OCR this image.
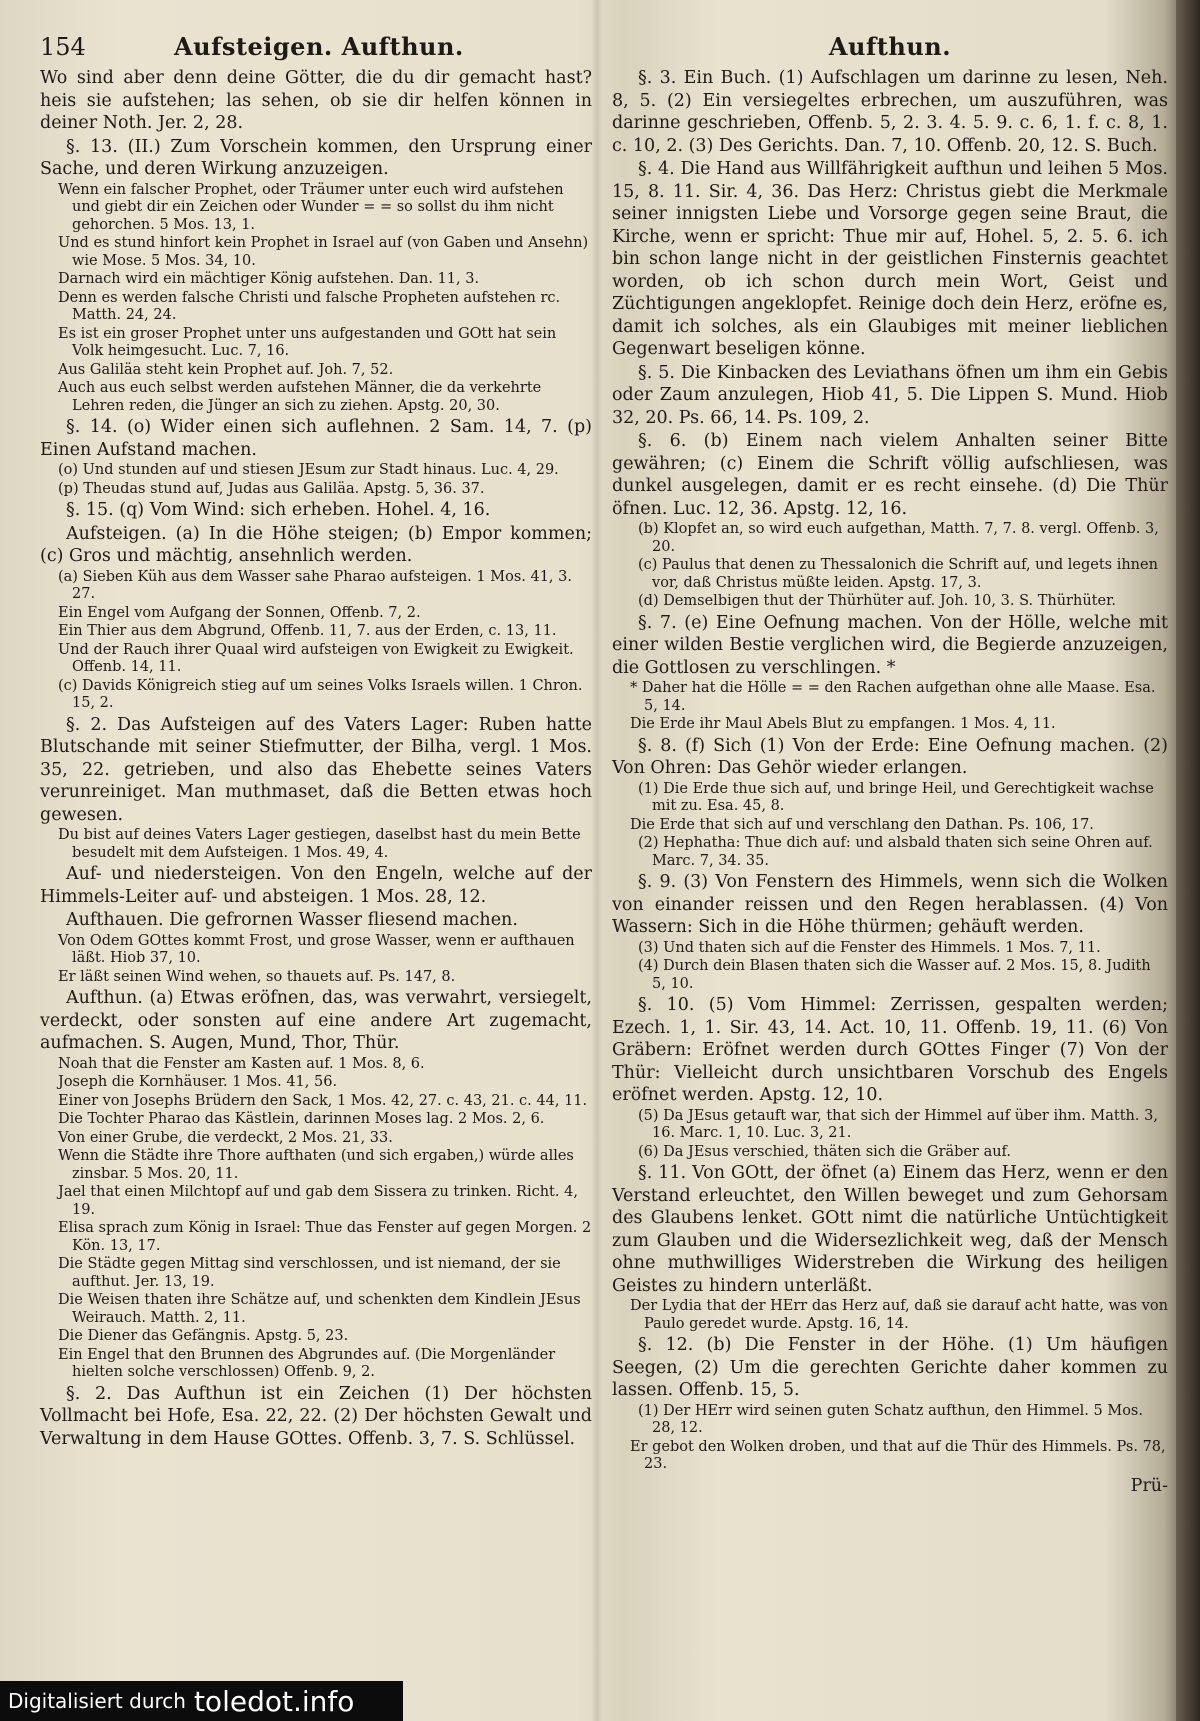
154	Aufsteigen. Aufthun.
Wo sind aber denn deine Götter, die du dir gemacht hast? heis sie aufstehen; las sehen, ob sie dir helfen können in deiner Noth. Jer. 2, 28.
§. 13. (II.) Zum Vorschein kommen, den Ursprung einer Sache, und deren Wirkung anzuzeigen.
Wenn ein falscher Prophet, oder Träumer unter euch wird aufstehen und giebt dir ein Zeichen oder Wunder = = so sollst du ihm nicht gehorchen. 5 Mos. 13, 1.
Und es stund hinfort kein Prophet in Israel auf (von Gaben und Ansehn) wie Mose. 5 Mos. 34, 10.
Darnach wird ein mächtiger König aufstehen. Dan. 11, 3.
Denn es werden falsche Christi und falsche Propheten aufstehen rc. Matth. 24, 24.
Es ist ein groser Prophet unter uns aufgestanden und GOtt hat sein Volk heimgesucht. Luc. 7, 16.
Aus Galiläa steht kein Prophet auf. Joh. 7, 52.
Auch aus euch selbst werden aufstehen Männer, die da verkehrte Lehren reden, die Jünger an sich zu ziehen. Apstg. 20, 30.
§. 14. (o) Wider einen sich auflehnen. 2 Sam. 14, 7. (p) Einen Aufstand machen.
(o) Und stunden auf und stiesen JEsum zur Stadt hinaus. Luc. 4, 29.
(p) Theudas stund auf, Judas aus Galiläa. Apstg. 5, 36. 37.
§. 15. (q) Vom Wind: sich erheben. Hohel. 4, 16.
Aufsteigen. (a) In die Höhe steigen; (b) Empor kommen; (c) Gros und mächtig, ansehnlich werden.
(a) Sieben Küh aus dem Wasser sahe Pharao aufsteigen. 1 Mos. 41, 3. 27.
Ein Engel vom Aufgang der Sonnen, Offenb. 7, 2.
Ein Thier aus dem Abgrund, Offenb. 11, 7. aus der Erden, c. 13, 11.
Und der Rauch ihrer Quaal wird aufsteigen von Ewigkeit zu Ewigkeit. Offenb. 14, 11.
(c) Davids Königreich stieg auf um seines Volks Israels willen. 1 Chron. 15, 2.
§. 2. Das Aufsteigen auf des Vaters Lager: Ruben hatte Blutschande mit seiner Stiefmutter, der Bilha, vergl. 1 Mos. 35, 22. getrieben, und also das Ehebette seines Vaters verunreiniget. Man muthmaset, daß die Betten etwas hoch gewesen.
Du bist auf deines Vaters Lager gestiegen, daselbst hast du mein Bette besudelt mit dem Aufsteigen. 1 Mos. 49, 4.
Auf- und niedersteigen. Von den Engeln, welche auf der Himmels-Leiter auf- und absteigen. 1 Mos. 28, 12.
Aufthauen. Die gefrornen Wasser fliesend machen.
Von Odem GOttes kommt Frost, und grose Wasser, wenn er aufthauen läßt. Hiob 37, 10.
Er läßt seinen Wind wehen, so thauets auf. Ps. 147, 8.
Aufthun. (a) Etwas eröfnen, das, was verwahrt, versiegelt, verdeckt, oder sonsten auf eine andere Art zugemacht, aufmachen. S. Augen, Mund, Thor, Thür.
Noah that die Fenster am Kasten auf. 1 Mos. 8, 6.
Joseph die Kornhäuser. 1 Mos. 41, 56.
Einer von Josephs Brüdern den Sack, 1 Mos. 42, 27. c. 43, 21. c. 44, 11.
Die Tochter Pharao das Kästlein, darinnen Moses lag. 2 Mos. 2, 6.
Von einer Grube, die verdeckt, 2 Mos. 21, 33.
Wenn die Städte ihre Thore aufthaten (und sich ergaben,) würde alles zinsbar. 5 Mos. 20, 11.
Jael that einen Milchtopf auf und gab dem Sissera zu trinken. Richt. 4, 19.
Elisa sprach zum König in Israel: Thue das Fenster auf gegen Morgen. 2 Kön. 13, 17.
Die Städte gegen Mittag sind verschlossen, und ist niemand, der sie aufthut. Jer. 13, 19.
Die Weisen thaten ihre Schätze auf, und schenkten dem Kindlein JEsus Weirauch. Matth. 2, 11.
Die Diener das Gefängnis. Apstg. 5, 23.
Ein Engel that den Brunnen des Abgrundes auf. (Die Morgenländer hielten solche verschlossen) Offenb. 9, 2.
§. 2. Das Aufthun ist ein Zeichen (1) Der höchsten Vollmacht bei Hofe, Esa. 22, 22. (2) Der höchsten Gewalt und Verwaltung in dem Hause GOttes. Offenb. 3, 7. S. Schlüssel.
Aufthun.
§. 3. Ein Buch. (1) Aufschlagen um darinne zu lesen, Neh. 8, 5. (2) Ein versiegeltes erbrechen, um auszuführen, was darinne geschrieben, Offenb. 5, 2. 3. 4. 5. 9. c. 6, 1. f. c. 8, 1. c. 10, 2. (3) Des Gerichts. Dan. 7, 10. Offenb. 20, 12. S. Buch.
§. 4. Die Hand aus Willfährigkeit aufthun und leihen 5 Mos. 15, 8. 11. Sir. 4, 36. Das Herz: Christus giebt die Merkmale seiner innigsten Liebe und Vorsorge gegen seine Braut, die Kirche, wenn er spricht: Thue mir auf, Hohel. 5, 2. 5. 6. ich bin schon lange nicht in der geistlichen Finsternis geachtet worden, ob ich schon durch mein Wort, Geist und Züchtigungen angeklopfet. Reinige doch dein Herz, eröfne es, damit ich solches, als ein Glaubiges mit meiner lieblichen Gegenwart beseligen könne.
§. 5. Die Kinbacken des Leviathans öfnen um ihm ein Gebis oder Zaum anzulegen, Hiob 41, 5. Die Lippen S. Mund. Hiob 32, 20. Ps. 66, 14. Ps. 109, 2.
§. 6. (b) Einem nach vielem Anhalten seiner Bitte gewähren; (c) Einem die Schrift völlig aufschliesen, was dunkel ausgelegen, damit er es recht einsehe. (d) Die Thür öfnen. Luc. 12, 36. Apstg. 12, 16.
(b) Klopfet an, so wird euch aufgethan, Matth. 7, 7. 8. vergl. Offenb. 3, 20.
(c) Paulus that denen zu Thessalonich die Schrift auf, und legets ihnen vor, daß Christus müßte leiden. Apstg. 17, 3.
(d) Demselbigen thut der Thürhüter auf. Joh. 10, 3. S. Thürhüter.
§. 7. (e) Eine Oefnung machen. Von der Hölle, welche mit einer wilden Bestie verglichen wird, die Begierde anzuzeigen, die Gottlosen zu verschlingen. *
* Daher hat die Hölle = = den Rachen aufgethan ohne alle Maase. Esa. 5, 14.
Die Erde ihr Maul Abels Blut zu empfangen. 1 Mos. 4, 11.
§. 8. (f) Sich (1) Von der Erde: Eine Oefnung machen. (2) Von Ohren: Das Gehör wieder erlangen.
(1) Die Erde thue sich auf, und bringe Heil, und Gerechtigkeit wachse mit zu. Esa. 45, 8.
Die Erde that sich auf und verschlang den Dathan. Ps. 106, 17.
(2) Hephatha: Thue dich auf: und alsbald thaten sich seine Ohren auf. Marc. 7, 34. 35.
§. 9. (3) Von Fenstern des Himmels, wenn sich die Wolken von einander reissen und den Regen herablassen. (4) Von Wassern: Sich in die Höhe thürmen; gehäuft werden.
(3) Und thaten sich auf die Fenster des Himmels. 1 Mos. 7, 11.
(4) Durch dein Blasen thaten sich die Wasser auf. 2 Mos. 15, 8. Judith 5, 10.
§. 10. (5) Vom Himmel: Zerrissen, gespalten werden; Ezech. 1, 1. Sir. 43, 14. Act. 10, 11. Offenb. 19, 11. (6) Von Gräbern: Eröfnet werden durch GOttes Finger (7) Von der Thür: Vielleicht durch unsichtbaren Vorschub des Engels eröfnet werden. Apstg. 12, 10.
(5) Da JEsus getauft war, that sich der Himmel auf über ihm. Matth. 3, 16. Marc. 1, 10. Luc. 3, 21.
(6) Da JEsus verschied, thäten sich die Gräber auf.
§. 11. Von GOtt, der öfnet (a) Einem das Herz, wenn er den Verstand erleuchtet, den Willen beweget und zum Gehorsam des Glaubens lenket. GOtt nimt die natürliche Untüchtigkeit zum Glauben und die Widersezlichkeit weg, daß der Mensch ohne muthwilliges Widerstreben die Wirkung des heiligen Geistes zu hindern unterläßt.
Der Lydia that der HErr das Herz auf, daß sie darauf acht hatte, was von Paulo geredet wurde. Apstg. 16, 14.
§. 12. (b) Die Fenster in der Höhe. (1) Um häufigen Seegen, (2) Um die gerechten Gerichte daher kommen zu lassen. Offenb. 15, 5.
(1) Der HErr wird seinen guten Schatz aufthun, den Himmel. 5 Mos. 28, 12.
Er gebot den Wolken droben, und that auf die Thür des Himmels. Ps. 78, 23.
Prü-
Digitalisiert durch toledot.info
